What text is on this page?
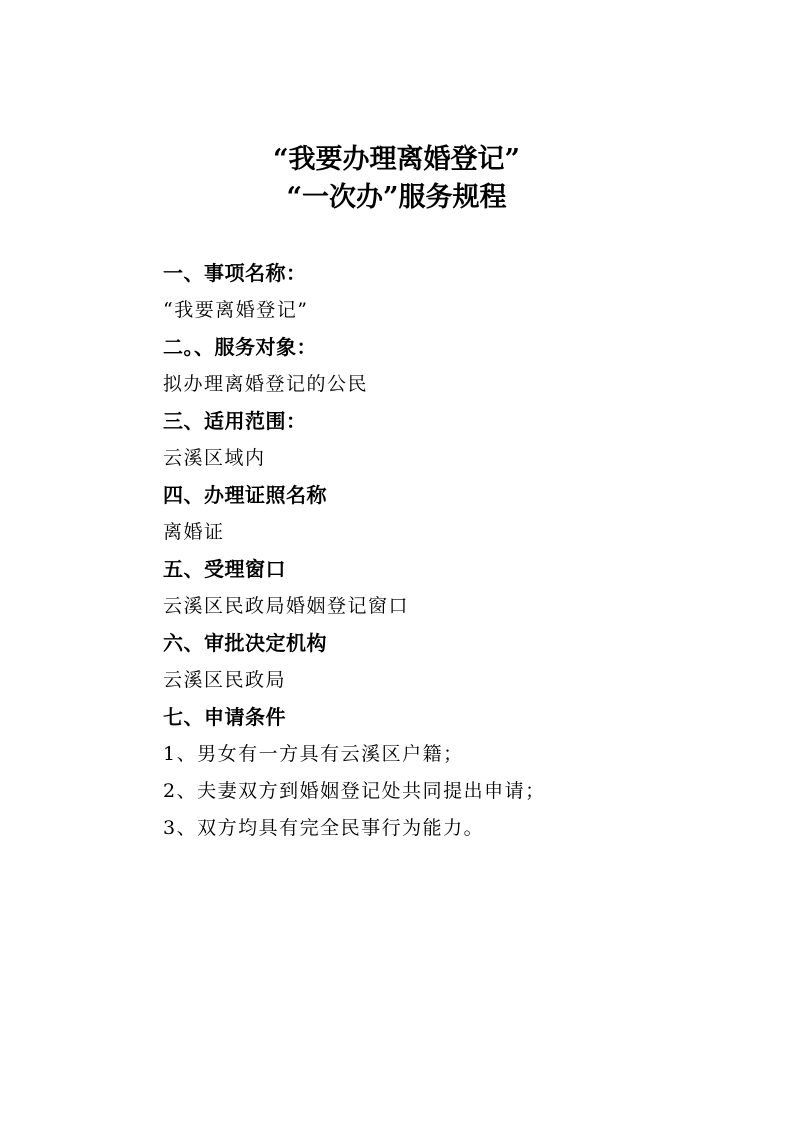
“我要办理离婚登记”
“一次办”服务规程
一、事项名称：
“我要离婚登记”
二。、服务对象：
拟办理离婚登记的公民
三、适用范围：
云溪区域内
四、办理证照名称
离婚证
五、受理窗口
云溪区民政局婚姻登记窗口
六、审批决定机构
云溪区民政局
七、申请条件
1、男女有一方具有云溪区户籍；
2、夫妻双方到婚姻登记处共同提出申请；
3、双方均具有完全民事行为能力。
